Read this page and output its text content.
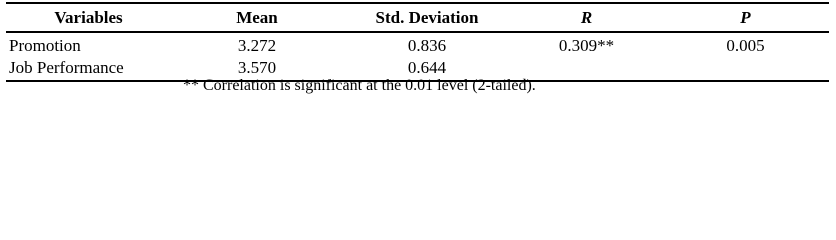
Variables	Mean	Std. Deviation	R	P
Promotion	3.272	0.836	0.309**	0.005
Job Performance	3.570	0.644		
** Correlation is significant at the 0.01 level (2-tailed).
